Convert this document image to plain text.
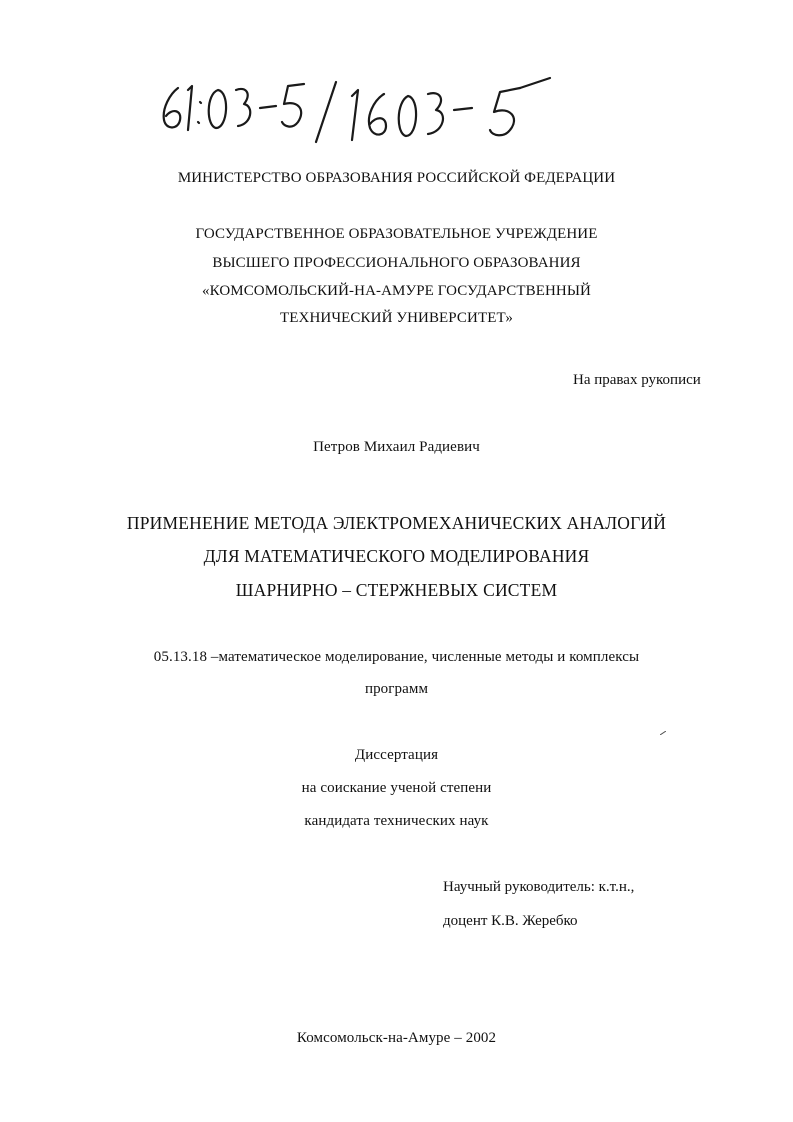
МИНИСТЕРСТВО ОБРАЗОВАНИЯ РОССИЙСКОЙ ФЕДЕРАЦИИ
ГОСУДАРСТВЕННОЕ ОБРАЗОВАТЕЛЬНОЕ УЧРЕЖДЕНИЕ
ВЫСШЕГО ПРОФЕССИОНАЛЬНОГО ОБРАЗОВАНИЯ
«КОМСОМОЛЬСКИЙ-НА-АМУРЕ ГОСУДАРСТВЕННЫЙ
ТЕХНИЧЕСКИЙ УНИВЕРСИТЕТ»
На правах рукописи
Петров Михаил Радиевич
ПРИМЕНЕНИЕ МЕТОДА ЭЛЕКТРОМЕХАНИЧЕСКИХ АНАЛОГИЙ
ДЛЯ МАТЕМАТИЧЕСКОГО МОДЕЛИРОВАНИЯ
ШАРНИРНО – СТЕРЖНЕВЫХ СИСТЕМ
05.13.18 –математическое моделирование, численные методы и комплексы
программ
Диссертация
на соискание ученой степени
кандидата технических наук
Научный руководитель: к.т.н.,
доцент К.В. Жеребко
Комсомольск-на-Амуре – 2002
